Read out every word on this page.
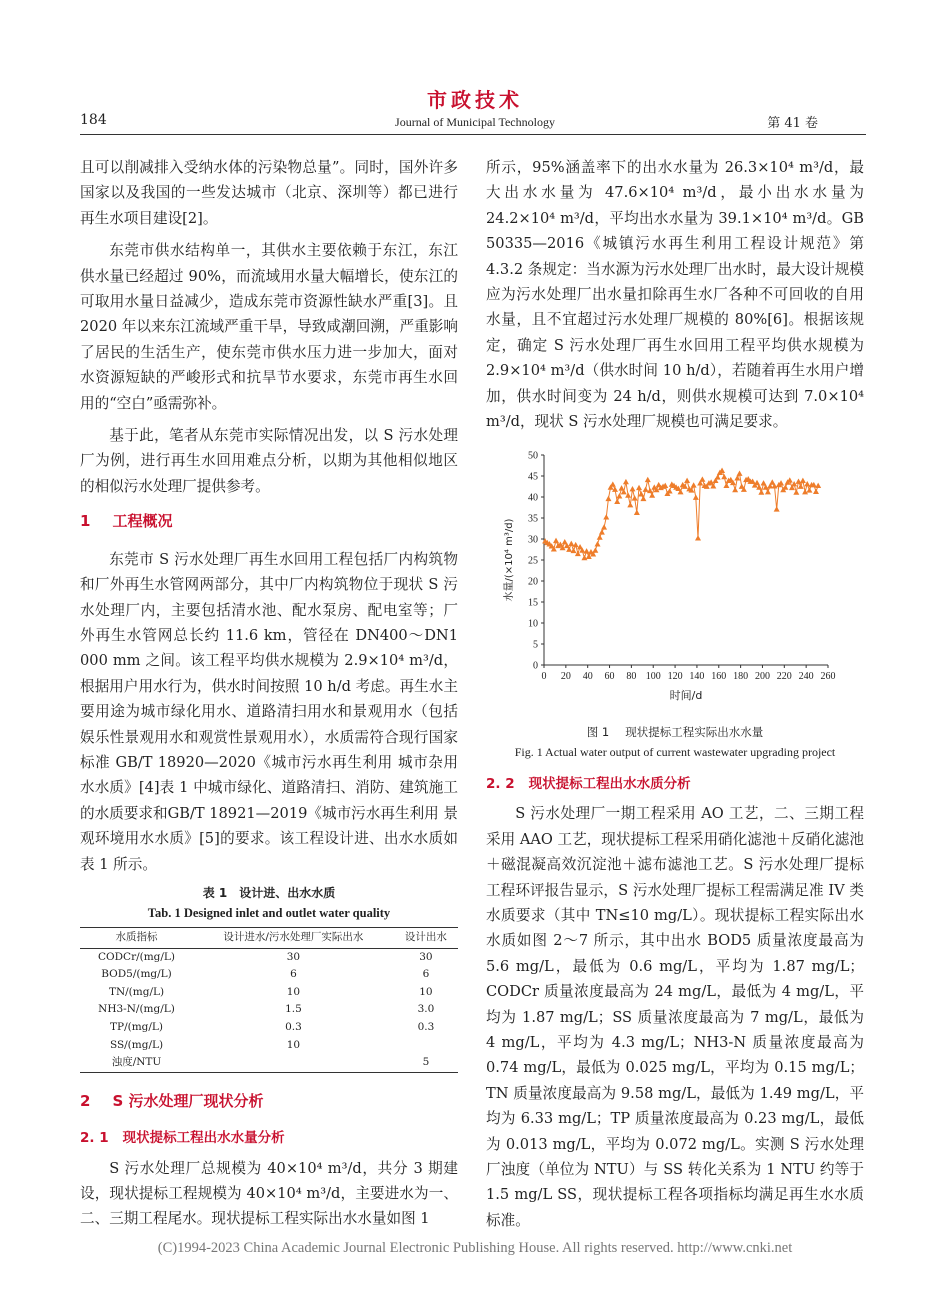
市政技术
184	Journal of Municipal Technology	第 41 卷

且可以削减排入受纳水体的污染物总量”。同时，国外许多国家以及我国的一些发达城市（北京、深圳等）都已进行再生水项目建设[2]。

东莞市供水结构单一，其供水主要依赖于东江，东江供水量已经超过 90%，而流域用水量大幅增长，使东江的可取用水量日益减少，造成东莞市资源性缺水严重[3]。且 2020 年以来东江流域严重干旱，导致咸潮回溯，严重影响了居民的生活生产，使东莞市供水压力进一步加大，面对水资源短缺的严峻形式和抗旱节水要求，东莞市再生水回用的“空白”亟需弥补。

基于此，笔者从东莞市实际情况出发，以 S 污水处理厂为例，进行再生水回用难点分析，以期为其他相似地区的相似污水处理厂提供参考。

1 工程概况

东莞市 S 污水处理厂再生水回用工程包括厂内构筑物和厂外再生水管网两部分，其中厂内构筑物位于现状 S 污水处理厂内，主要包括清水池、配水泵房、配电室等；厂外再生水管网总长约 11.6 km，管径在 DN400～DN1 000 mm 之间。该工程平均供水规模为 2.9×10⁴ m³/d，根据用户用水行为，供水时间按照 10 h/d 考虑。再生水主要用途为城市绿化用水、道路清扫用水和景观用水（包括娱乐性景观用水和观赏性景观用水），水质需符合现行国家标准 GB/T 18920—2020《城市污水再生利用 城市杂用水水质》[4]表 1 中城市绿化、道路清扫、消防、建筑施工的水质要求和GB/T 18921—2019《城市污水再生利用 景观环境用水水质》[5]的要求。该工程设计进、出水水质如表 1 所示。

表 1　设计进、出水水质
Tab. 1 Designed inlet and outlet water quality
水质指标	设计进水/污水处理厂实际出水	设计出水
CODCr/(mg/L)	30	30
BOD5/(mg/L)	6	6
TN/(mg/L)	10	10
NH3-N/(mg/L)	1.5	3.0
TP/(mg/L)	0.3	0.3
SS/(mg/L)	10	
浊度/NTU		5
2 S 污水处理厂现状分析
2. 1 现状提标工程出水水量分析

S 污水处理厂总规模为 40×10⁴ m³/d，共分 3 期建设，现状提标工程规模为 40×10⁴ m³/d，主要进水为一、二、三期工程尾水。现状提标工程实际出水水量如图 1

所示，95%涵盖率下的出水水量为 26.3×10⁴ m³/d，最大出水水量为 47.6×10⁴ m³/d，最小出水水量为 24.2×10⁴ m³/d，平均出水水量为 39.1×10⁴ m³/d。GB 50335—2016《城镇污水再生利用工程设计规范》第 4.3.2 条规定：当水源为污水处理厂出水时，最大设计规模应为污水处理厂出水量扣除再生水厂各种不可回收的自用水量，且不宜超过污水处理厂规模的 80%[6]。根据该规定，确定 S 污水处理厂再生水回用工程平均供水规模为 2.9×10⁴ m³/d（供水时间 10 h/d），若随着再生水用户增加，供水时间变为 24 h/d，则供水规模可达到 7.0×10⁴ m³/d，现状 S 污水处理厂规模也可满足要求。

0 20 40 60 80 100 120 140 160 180 200 220 240 260
0
5
10
15
20
25
30
35
40
45
50
时间/d
水量/(×10⁴ m³/d)
图 1 现状提标工程实际出水水量
Fig. 1 Actual water output of current wastewater upgrading project
2. 2 现状提标工程出水水质分析

S 污水处理厂一期工程采用 AO 工艺，二、三期工程采用 AAO 工艺，现状提标工程采用硝化滤池＋反硝化滤池＋磁混凝高效沉淀池＋滤布滤池工艺。S 污水处理厂提标工程环评报告显示，S 污水处理厂提标工程需满足准 IV 类水质要求（其中 TN≤10 mg/L）。现状提标工程实际出水水质如图 2～7 所示，其中出水 BOD5 质量浓度最高为 5.6 mg/L，最低为 0.6 mg/L，平均为 1.87 mg/L；CODCr 质量浓度最高为 24 mg/L，最低为 4 mg/L，平均为 1.87 mg/L；SS 质量浓度最高为 7 mg/L，最低为 4 mg/L，平均为 4.3 mg/L；NH3-N 质量浓度最高为 0.74 mg/L，最低为 0.025 mg/L，平均为 0.15 mg/L；TN 质量浓度最高为 9.58 mg/L，最低为 1.49 mg/L，平均为 6.33 mg/L；TP 质量浓度最高为 0.23 mg/L，最低为 0.013 mg/L，平均为 0.072 mg/L。实测 S 污水处理厂浊度（单位为 NTU）与 SS 转化关系为 1 NTU 约等于 1.5 mg/L SS，现状提标工程各项指标均满足再生水水质标准。

(C)1994-2023 China Academic Journal Electronic Publishing House. All rights reserved. http://www.cnki.net
